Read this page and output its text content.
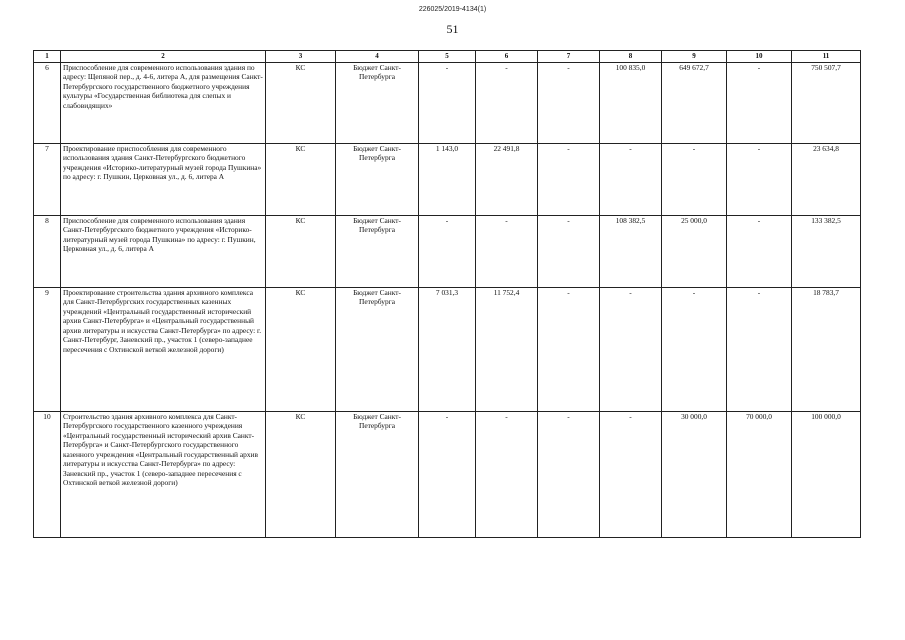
226025/2019-4134(1)
51
1	2	3	4	5	6	7	8	9	10	11
6	Приспособление для современного использования здания по адресу: Щепяной пер., д. 4-6, литера А, для размещения Санкт-Петербургского государственного бюджетного учреждения культуры «Государственная библиотека для слепых и слабовидящих»	КС	Бюджет Санкт-Петербурга	-	-	-	100 835,0	649 672,7	-	750 507,7
7	Проектирование приспособления для современного использования здания Санкт-Петербургского бюджетного учреждения «Историко-литературный музей города Пушкина» по адресу: г. Пушкин, Церковная ул., д. 6, литера А	КС	Бюджет Санкт-Петербурга	1 143,0	22 491,8	-	-	-	-	23 634,8
8	Приспособление для современного использования здания Санкт-Петербургского бюджетного учреждения «Историко-литературный музей города Пушкина» по адресу: г. Пушкин, Церковная ул., д. 6, литера А	КС	Бюджет Санкт-Петербурга	-	-	-	108 382,5	25 000,0	-	133 382,5
9	Проектирование строительства здания архивного комплекса для Санкт-Петербургских государственных казенных учреждений «Центральный государственный исторический архив Санкт-Петербурга» и «Центральный государственный архив литературы и искусства Санкт-Петербурга» по адресу: г. Санкт-Петербург, Заневский пр., участок 1 (северо-западнее пересечения с Охтинской веткой железной дороги)	КС	Бюджет Санкт-Петербурга	7 031,3	11 752,4	-	-	-	-	18 783,7
10	Строительство здания архивного комплекса для Санкт-Петербургского государственного казенного учреждения «Центральный государственный исторический архив Санкт-Петербурга» и Санкт-Петербургского государственного казенного учреждения «Центральный государственный архив литературы и искусства Санкт-Петербурга» по адресу: Заневский пр., участок 1 (северо-западнее пересечения с Охтинской веткой железной дороги)	КС	Бюджет Санкт-Петербурга	-	-	-	-	30 000,0	70 000,0	100 000,0
